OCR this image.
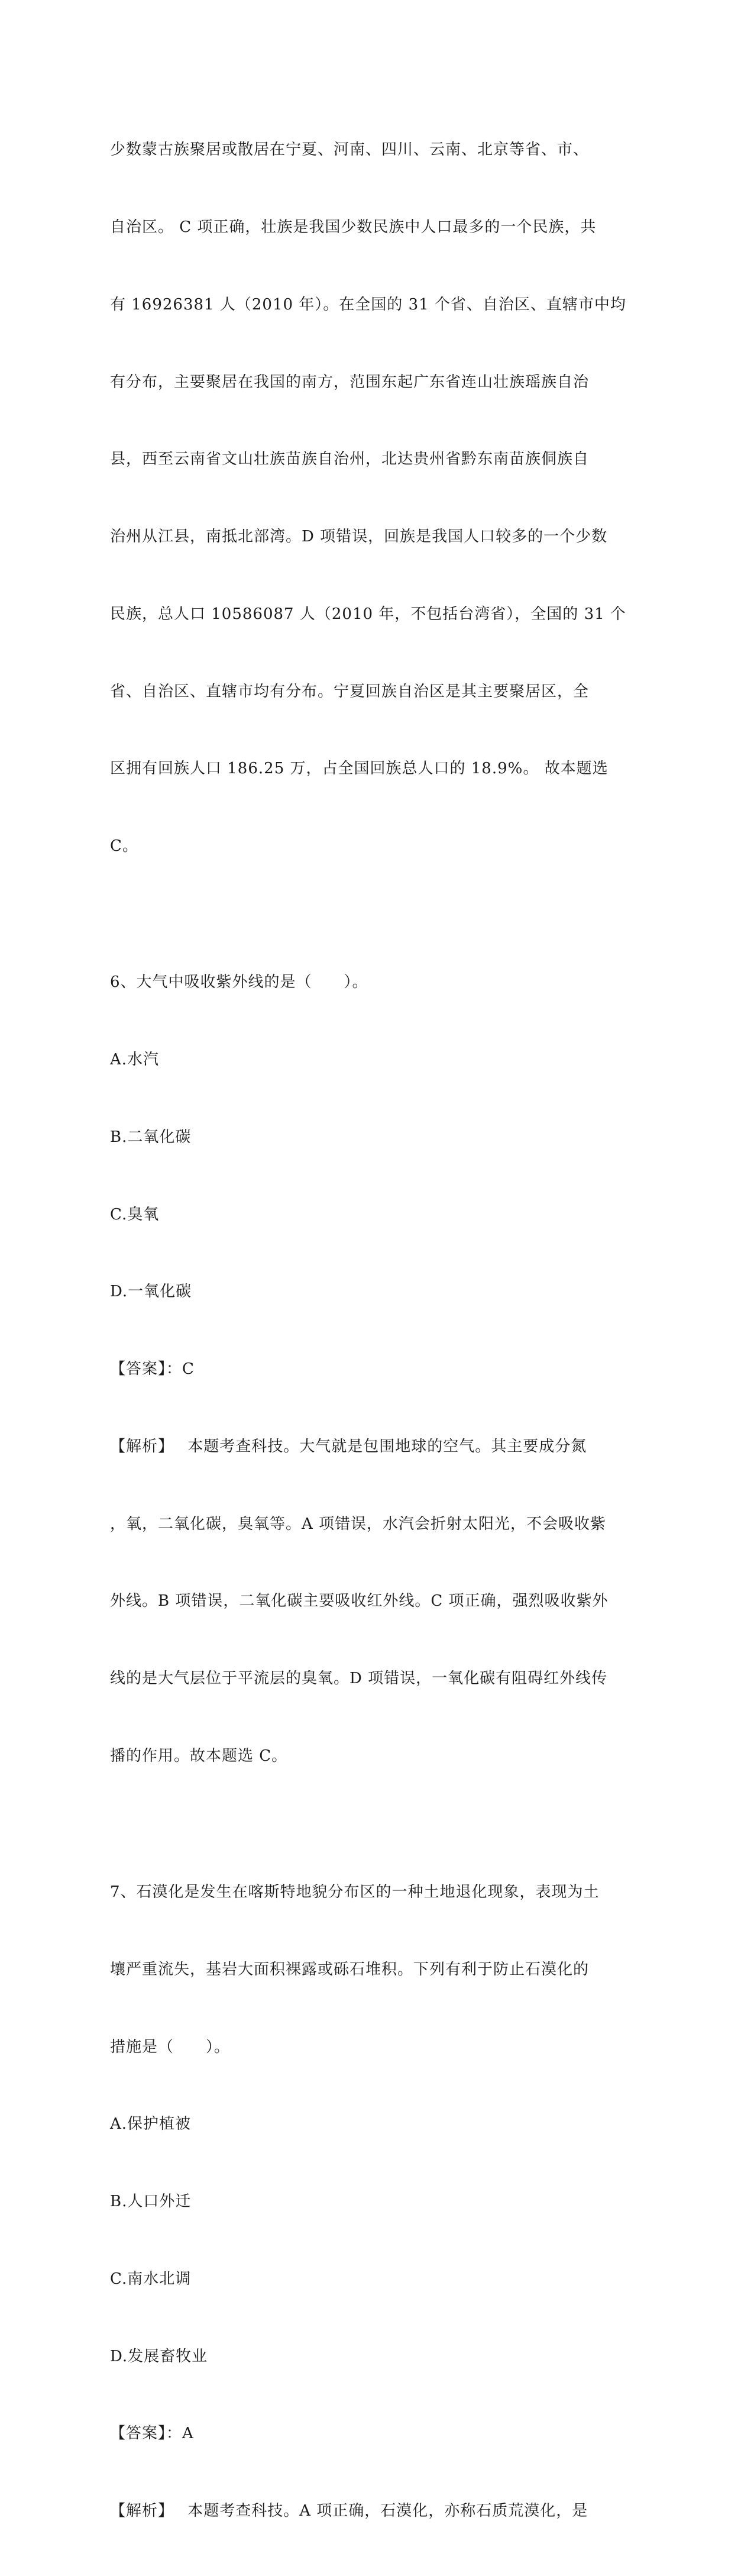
少数蒙古族聚居或散居在宁夏、河南、四川、云南、北京等省、市、

自治区。 C 项正确，壮族是我国少数民族中人口最多的一个民族，共

有 16926381 人（2010 年）。在全国的 31 个省、自治区、直辖市中均

有分布，主要聚居在我国的南方，范围东起广东省连山壮族瑶族自治

县，西至云南省文山壮族苗族自治州，北达贵州省黔东南苗族侗族自

治州从江县，南抵北部湾。D 项错误，回族是我国人口较多的一个少数

民族，总人口 10586087 人（2010 年，不包括台湾省），全国的 31 个

省、自治区、直辖市均有分布。宁夏回族自治区是其主要聚居区，全

区拥有回族人口 186.25 万，占全国回族总人口的 18.9%。 故本题选

C。

6、大气中吸收紫外线的是（　　）。

A.水汽

B.二氧化碳

C.臭氧

D.一氧化碳

【答案】：C

【解析】　 本题考查科技。大气就是包围地球的空气。其主要成分氮

，氧，二氧化碳，臭氧等。A 项错误，水汽会折射太阳光，不会吸收紫

外线。B 项错误，二氧化碳主要吸收红外线。C 项正确，强烈吸收紫外

线的是大气层位于平流层的臭氧。D 项错误，一氧化碳有阻碍红外线传

播的作用。故本题选 C。

7、石漠化是发生在喀斯特地貌分布区的一种土地退化现象，表现为土

壤严重流失，基岩大面积裸露或砾石堆积。下列有利于防止石漠化的

措施是（　　）。

A.保护植被

B.人口外迁

C.南水北调

D.发展畜牧业

【答案】：A

【解析】　 本题考查科技。A 项正确，石漠化，亦称石质荒漠化，是
